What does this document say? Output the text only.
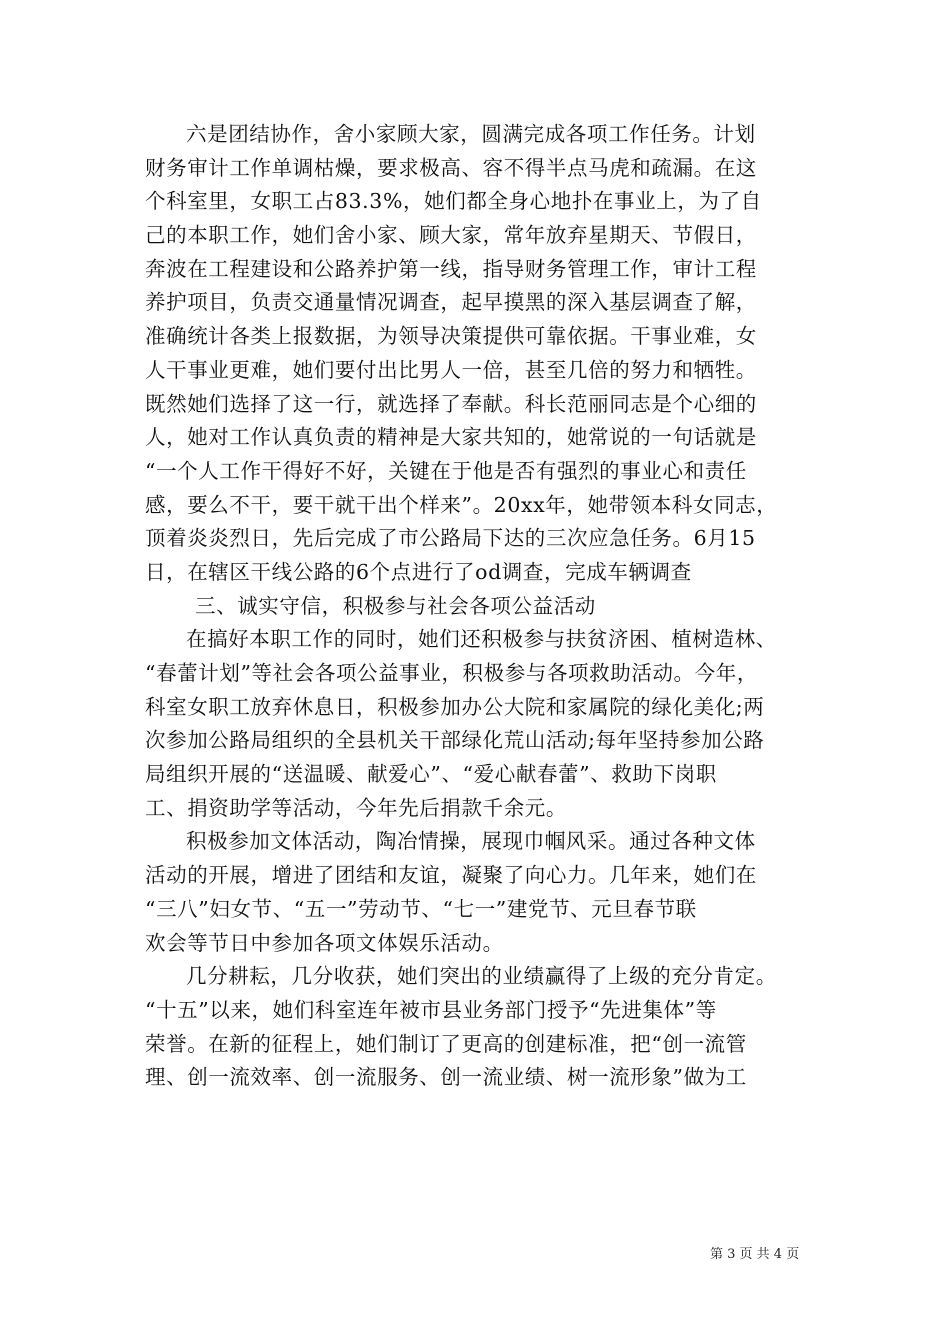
六是团结协作，舍小家顾大家，圆满完成各项工作任务。计划
财务审计工作单调枯燥，要求极高、容不得半点马虎和疏漏。在这
个科室里，女职工占83.3%，她们都全身心地扑在事业上，为了自
己的本职工作，她们舍小家、顾大家，常年放弃星期天、节假日，
奔波在工程建设和公路养护第一线，指导财务管理工作，审计工程
养护项目，负责交通量情况调查，起早摸黑的深入基层调查了解，
准确统计各类上报数据，为领导决策提供可靠依据。干事业难，女
人干事业更难，她们要付出比男人一倍，甚至几倍的努力和牺牲。
既然她们选择了这一行，就选择了奉献。科长范丽同志是个心细的
人，她对工作认真负责的精神是大家共知的，她常说的一句话就是
“一个人工作干得好不好，关键在于他是否有强烈的事业心和责任
感，要么不干，要干就干出个样来”。20xx年，她带领本科女同志，
顶着炎炎烈日，先后完成了市公路局下达的三次应急任务。6月15
日，在辖区干线公路的6个点进行了od调查，完成车辆调查
三、诚实守信，积极参与社会各项公益活动
在搞好本职工作的同时，她们还积极参与扶贫济困、植树造林、
“春蕾计划”等社会各项公益事业，积极参与各项救助活动。今年，
科室女职工放弃休息日，积极参加办公大院和家属院的绿化美化;两
次参加公路局组织的全县机关干部绿化荒山活动;每年坚持参加公路
局组织开展的“送温暖、献爱心”、“爱心献春蕾”、救助下岗职
工、捐资助学等活动，今年先后捐款千余元。
积极参加文体活动，陶冶情操，展现巾帼风采。通过各种文体
活动的开展，增进了团结和友谊，凝聚了向心力。几年来，她们在
“三八”妇女节、“五一”劳动节、“七一”建党节、元旦春节联
欢会等节日中参加各项文体娱乐活动。
几分耕耘，几分收获，她们突出的业绩赢得了上级的充分肯定。
“十五”以来，她们科室连年被市县业务部门授予“先进集体”等
荣誉。在新的征程上，她们制订了更高的创建标准，把“创一流管
理、创一流效率、创一流服务、创一流业绩、树一流形象”做为工
第 3 页 共 4 页
